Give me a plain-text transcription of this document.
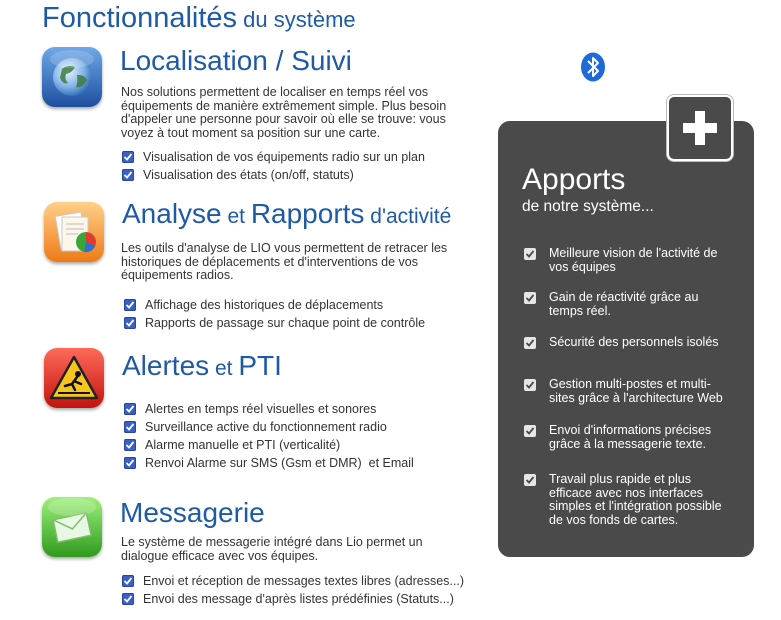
Fonctionnalités du système
Localisation / Suivi
Nos solutions permettent de localiser en temps réel vos équipements de manière extrêmement simple. Plus besoin d'appeler une personne pour savoir où elle se trouve: vous voyez à tout moment sa position sur une carte.
Visualisation de vos équipements radio sur un plan
Visualisation des états (on/off, statuts)
Analyse et Rapports d'activité
Les outils d'analyse de LIO vous permettent de retracer les historiques de déplacements et d'interventions de vos équipements radios.
Affichage des historiques de déplacements
Rapports de passage sur chaque point de contrôle
Alertes et PTI
Alertes en temps réel visuelles et sonores
Surveillance active du fonctionnement radio
Alarme manuelle et PTI (verticalité)
Renvoi Alarme sur SMS (Gsm et DMR)  et Email
Messagerie
Le système de messagerie intégré dans Lio permet un dialogue efficace avec vos équipes.
Envoi et réception de messages textes libres (adresses...)
Envoi des message d'après listes prédéfinies (Statuts...)
Apports
de notre système...
Meilleure vision de l'activité de
vos équipes
Gain de réactivité grâce au
temps réel.
Sécurité des personnels isolés
Gestion multi-postes et multi-
sites grâce à l'architecture Web
Envoi d'informations précises
grâce à la messagerie texte.
Travail plus rapide et plus
efficace avec nos interfaces
simples et l'intégration possible
de vos fonds de cartes.
